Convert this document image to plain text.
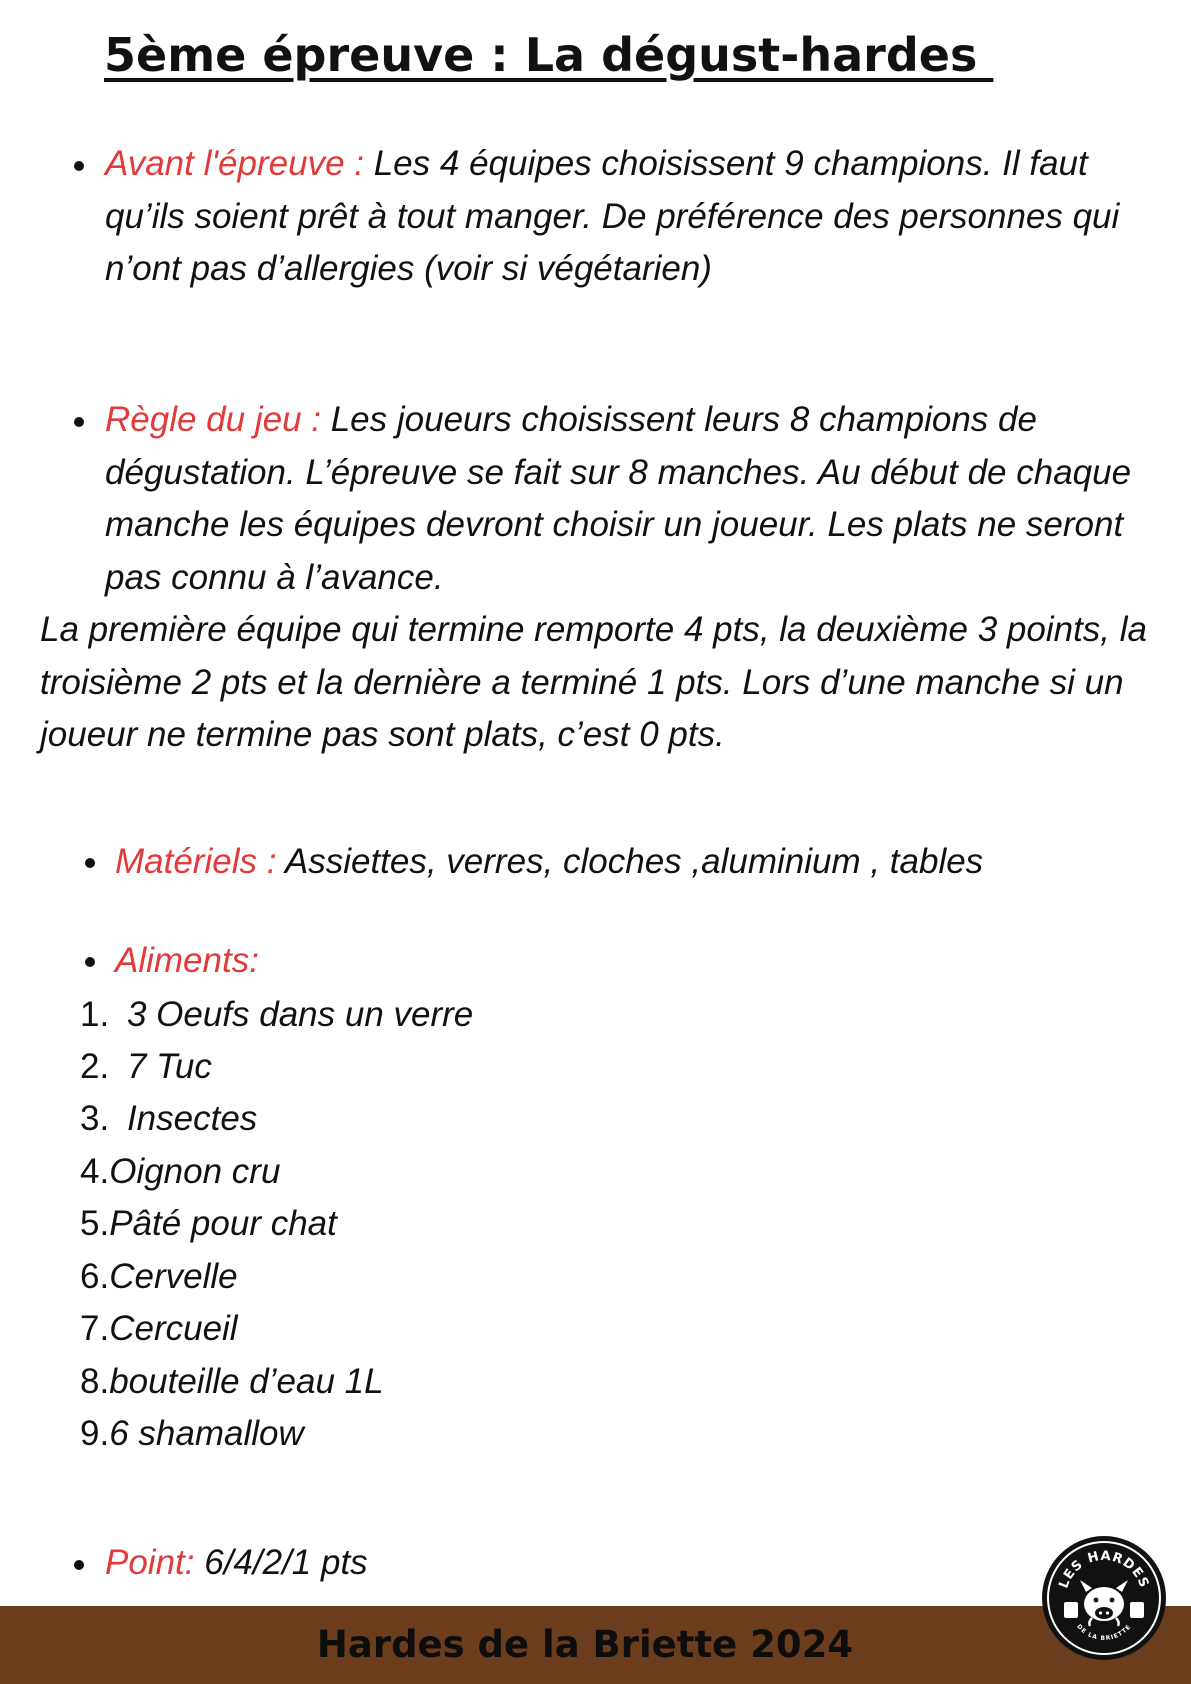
5ème épreuve : La dégust-hardes

Avant l'épreuve : Les 4 équipes choisissent 9 champions. Il faut qu’ils soient prêt à tout manger. De préférence des personnes qui n’ont pas d’allergies (voir si végétarien)

Règle du jeu : Les joueurs choisissent leurs 8 champions de dégustation. L’épreuve se fait sur 8 manches. Au début de chaque manche les équipes devront choisir un joueur. Les plats ne seront pas connu à l’avance.

La première équipe qui termine remporte 4 pts, la deuxième 3 points, la troisième 2 pts et la dernière a terminé 1 pts. Lors d’une manche si un joueur ne termine pas sont plats, c’est 0 pts.

Matériels : Assiettes, verres, cloches ,aluminium , tables

Aliments:

1. 3 Oeufs dans un verre
2. 7 Tuc
3. Insectes
4.Oignon cru
5.Pâté pour chat
6.Cervelle
7.Cercueil
8.bouteille d’eau 1L
9.6 shamallow

Point: 6/4/2/1 pts

Hardes de la Briette 2024

LES HARDES
DE LA BRIETTE
